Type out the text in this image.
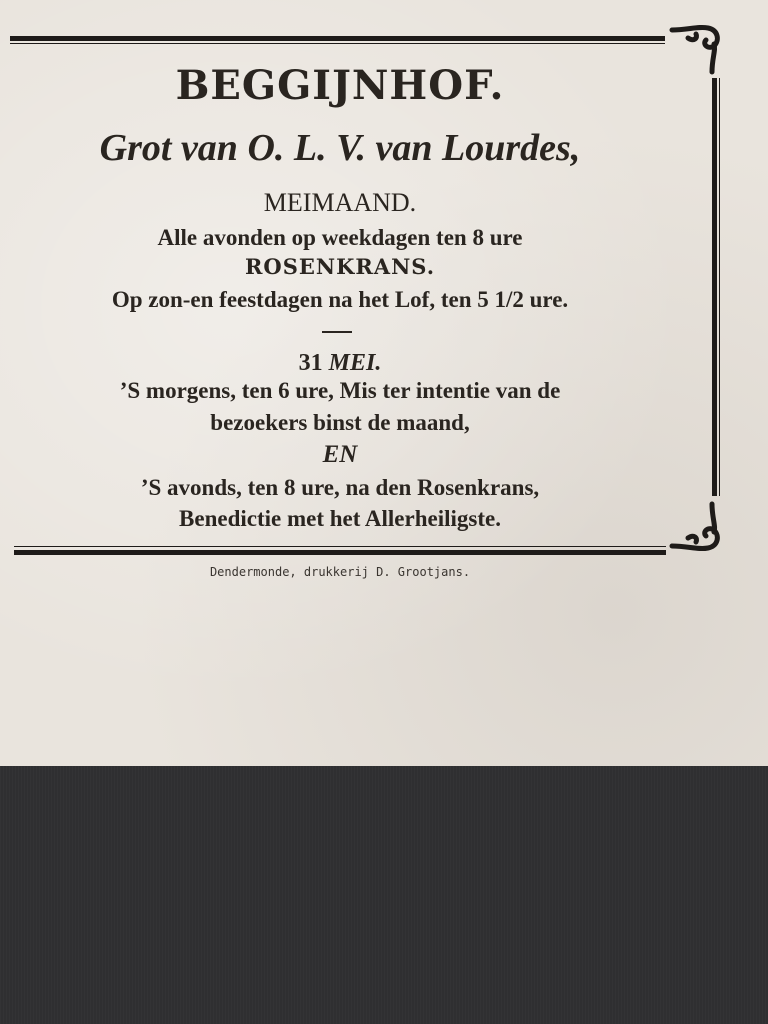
BEGGIJNHOF.
Grot van O. L. V. van Lourdes,
MEIMAAND.
Alle avonden op weekdagen ten 8 ure
ROSENKRANS.
Op zon-en feestdagen na het Lof, ten 5 1/2 ure.
31 MEI.
’S morgens, ten 6 ure, Mis ter intentie van de
bezoekers binst de maand,
EN
’S avonds, ten 8 ure, na den Rosenkrans,
Benedictie met het Allerheiligste.
Dendermonde, drukkerij D. Grootjans.
